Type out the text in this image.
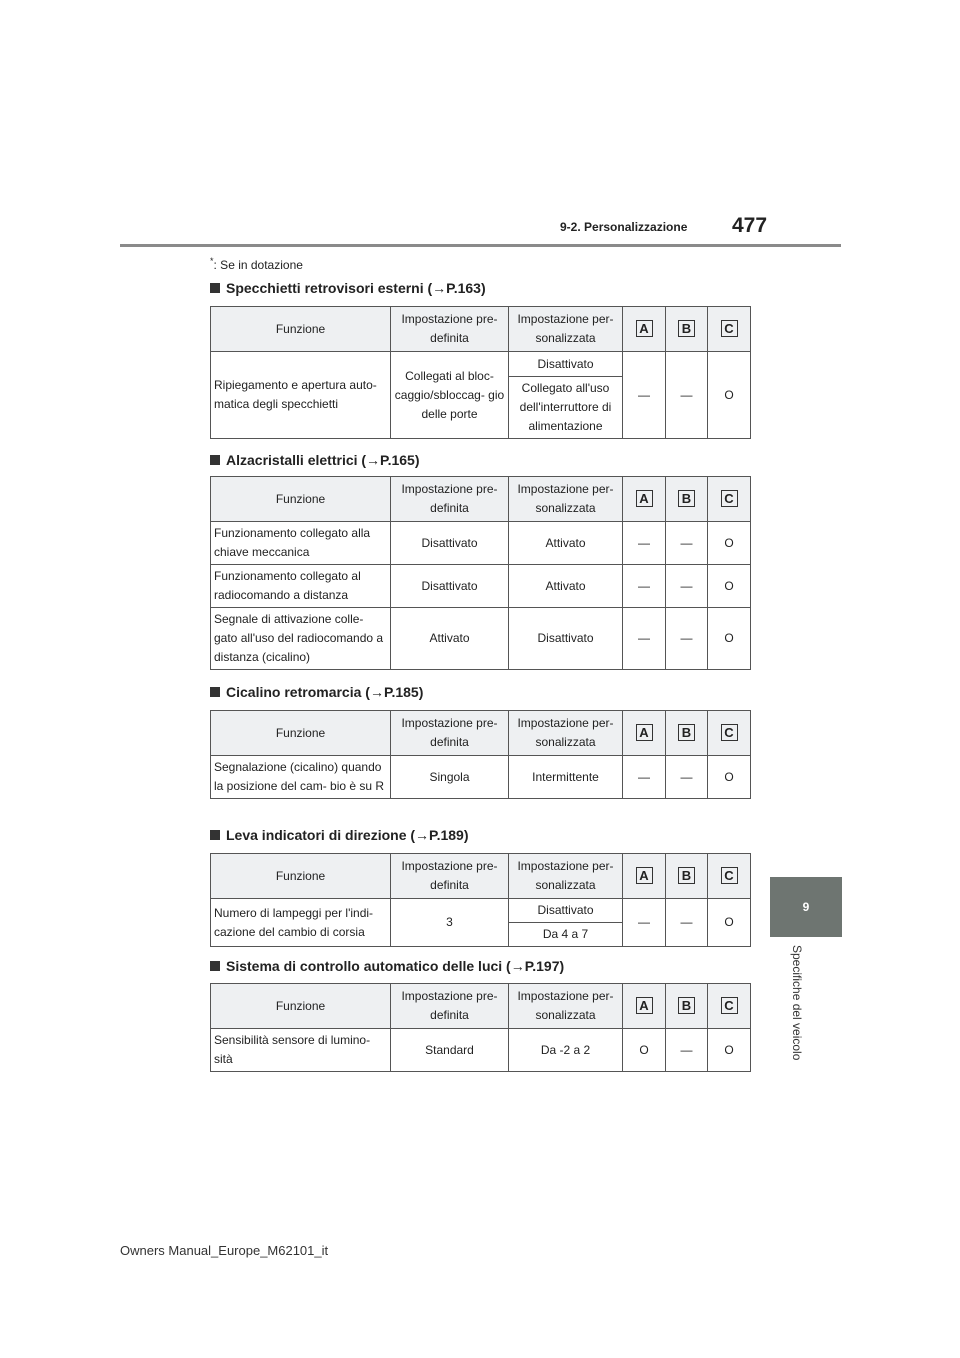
477
9-2. Personalizzazione
*: Se in dotazione
Specchietti retrovisori esterni (→P.163)
Funzione	Impostazione pre- definita	Impostazione per- sonalizzata	A	B	C
Ripiegamento e apertura auto- matica degli specchietti	Collegati al bloc- caggio/sbloccag- gio delle porte	Disattivato	—	—	O
		Collegato all'uso dell'interruttore di alimentazione			
Alzacristalli elettrici (→P.165)
Funzione	Impostazione pre- definita	Impostazione per- sonalizzata	A	B	C
Funzionamento collegato alla chiave meccanica	Disattivato	Attivato	—	—	O
Funzionamento collegato al radiocomando a distanza	Disattivato	Attivato	—	—	O
Segnale di attivazione colle- gato all'uso del radiocomando a distanza (cicalino)	Attivato	Disattivato	—	—	O
Cicalino retromarcia (→P.185)
Funzione	Impostazione pre- definita	Impostazione per- sonalizzata	A	B	C
Segnalazione (cicalino) quando la posizione del cam- bio è su R	Singola	Intermittente	—	—	O
Leva indicatori di direzione (→P.189)
Funzione	Impostazione pre- definita	Impostazione per- sonalizzata	A	B	C
Numero di lampeggi per l'indi- cazione del cambio di corsia	3	Disattivato	—	—	O
		Da 4 a 7			
Sistema di controllo automatico delle luci (→P.197)
Funzione	Impostazione pre- definita	Impostazione per- sonalizzata	A	B	C
Sensibilità sensore di lumino- sità	Standard	Da -2 a 2	O	—	O
9
Specifiche del veicolo
Owners Manual_Europe_M62101_it
